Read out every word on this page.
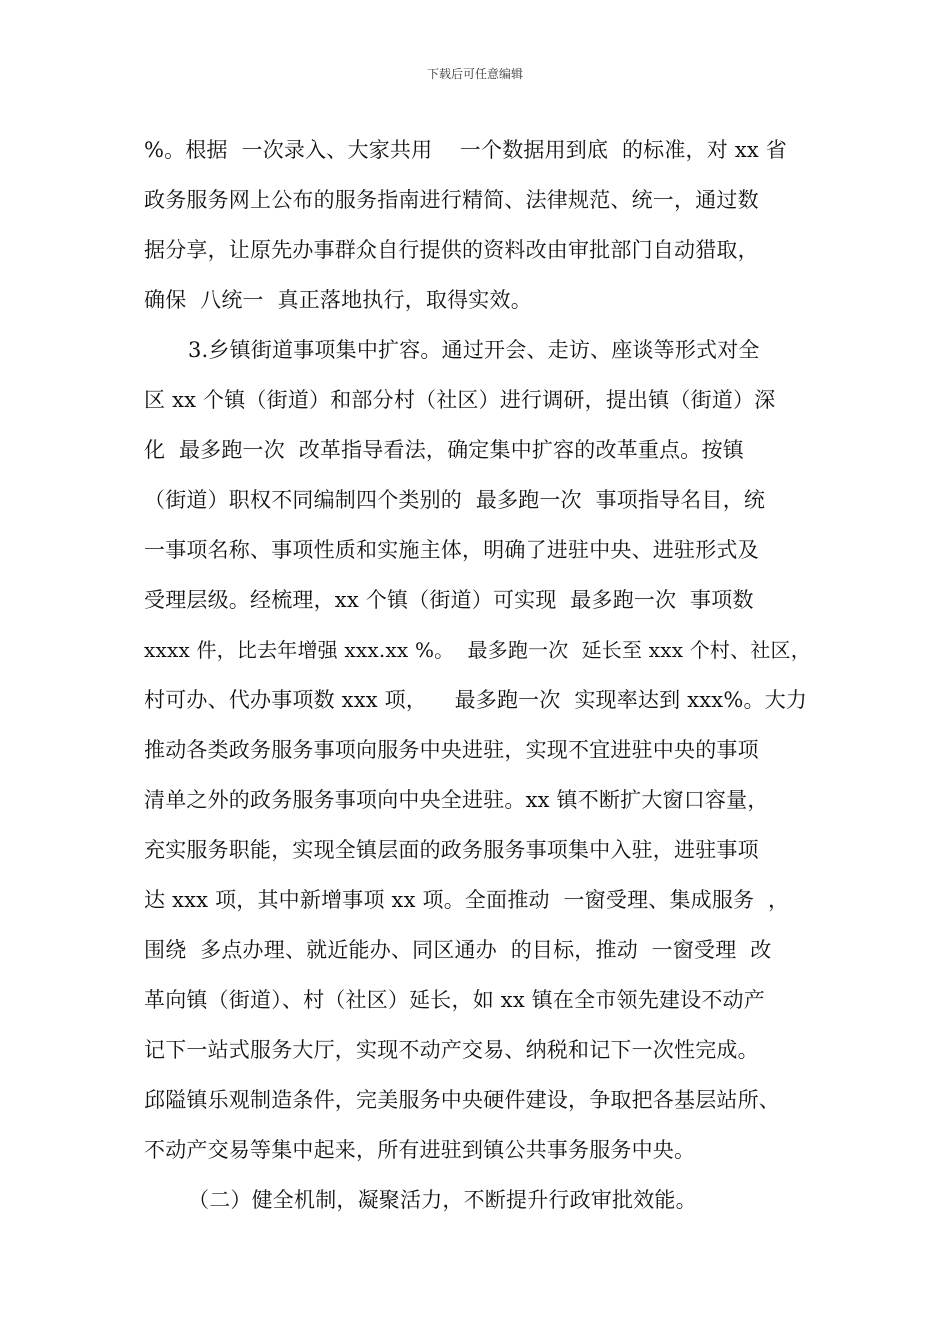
下载后可任意编辑
%。根据  一次录入、大家共用    一个数据用到底  的标准，对 xx 省
政务服务网上公布的服务指南进行精简、法律规范、统一，通过数
据分享，让原先办事群众自行提供的资料改由审批部门自动猎取，
确保  八统一  真正落地执行，取得实效。
3.乡镇街道事项集中扩容。通过开会、走访、座谈等形式对全
区 xx 个镇（街道）和部分村（社区）进行调研，提出镇（街道）深
化  最多跑一次  改革指导看法，确定集中扩容的改革重点。按镇
（街道）职权不同编制四个类别的  最多跑一次  事项指导名目，统
一事项名称、事项性质和实施主体，明确了进驻中央、进驻形式及
受理层级。经梳理，xx 个镇（街道）可实现  最多跑一次  事项数
xxxx 件，比去年增强 xxx.xx %。  最多跑一次  延长至 xxx 个村、社区，
村可办、代办事项数 xxx 项，    最多跑一次  实现率达到 xxx%。大力
推动各类政务服务事项向服务中央进驻，实现不宜进驻中央的事项
清单之外的政务服务事项向中央全进驻。xx 镇不断扩大窗口容量，
充实服务职能，实现全镇层面的政务服务事项集中入驻，进驻事项
达 xxx 项，其中新增事项 xx 项。全面推动  一窗受理、集成服务  ，
围绕  多点办理、就近能办、同区通办  的目标，推动  一窗受理  改
革向镇（街道）、村（社区）延长，如 xx 镇在全市领先建设不动产
记下一站式服务大厅，实现不动产交易、纳税和记下一次性完成。
邱隘镇乐观制造条件，完美服务中央硬件建设，争取把各基层站所、
不动产交易等集中起来，所有进驻到镇公共事务服务中央。
（二）健全机制，凝聚活力，不断提升行政审批效能。
